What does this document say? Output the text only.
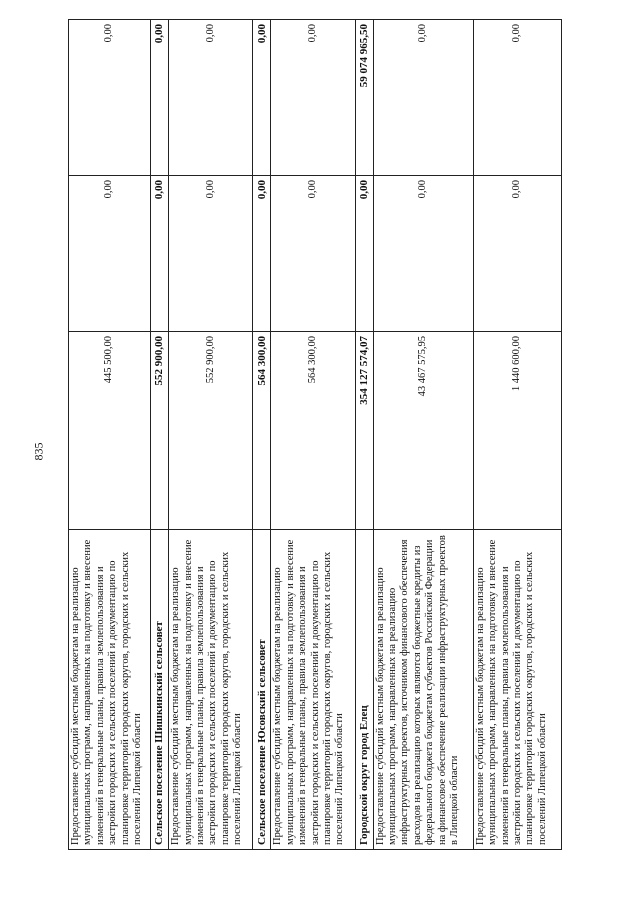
835
Предоставление субсидий местным бюджетам на реализацию муниципальных программ, направленных на подготовку и внесение изменений в генеральные планы, правила землепользования и застройки городских и сельских поселений и документацию по планировке территорий городских округов, городских и сельских поселений Липецкой области	445 500,00	0,00	0,00
Сельское поселение Шишкинский сельсовет	552 900,00	0,00	0,00
Предоставление субсидий местным бюджетам на реализацию муниципальных программ, направленных на подготовку и внесение изменений в генеральные планы, правила землепользования и застройки городских и сельских поселений и документацию по планировке территорий городских округов, городских и сельских поселений Липецкой области	552 900,00	0,00	0,00
Сельское поселение Юсовский сельсовет	564 300,00	0,00	0,00
Предоставление субсидий местным бюджетам на реализацию муниципальных программ, направленных на подготовку и внесение изменений в генеральные планы, правила землепользования и застройки городских и сельских поселений и документацию по планировке территорий городских округов, городских и сельских поселений Липецкой области	564 300,00	0,00	0,00
Городской округ город Елец	354 127 574,07	0,00	59 074 965,50
Предоставление субсидий местным бюджетам на реализацию муниципальных программ, направленных на реализацию инфраструктурных проектов, источником финансового обеспечения расходов на реализацию которых являются бюджетные кредиты из федерального бюджета бюджетам субъектов Российской Федерации на финансовое обеспечение реализации инфраструктурных проектов в Липецкой области	43 467 575,95	0,00	0,00
Предоставление субсидий местным бюджетам на реализацию муниципальных программ, направленных на подготовку и внесение изменений в генеральные планы, правила землепользования и застройки городских и сельских поселений и документацию по планировке территорий городских округов, городских и сельских поселений Липецкой области	1 440 600,00	0,00	0,00
